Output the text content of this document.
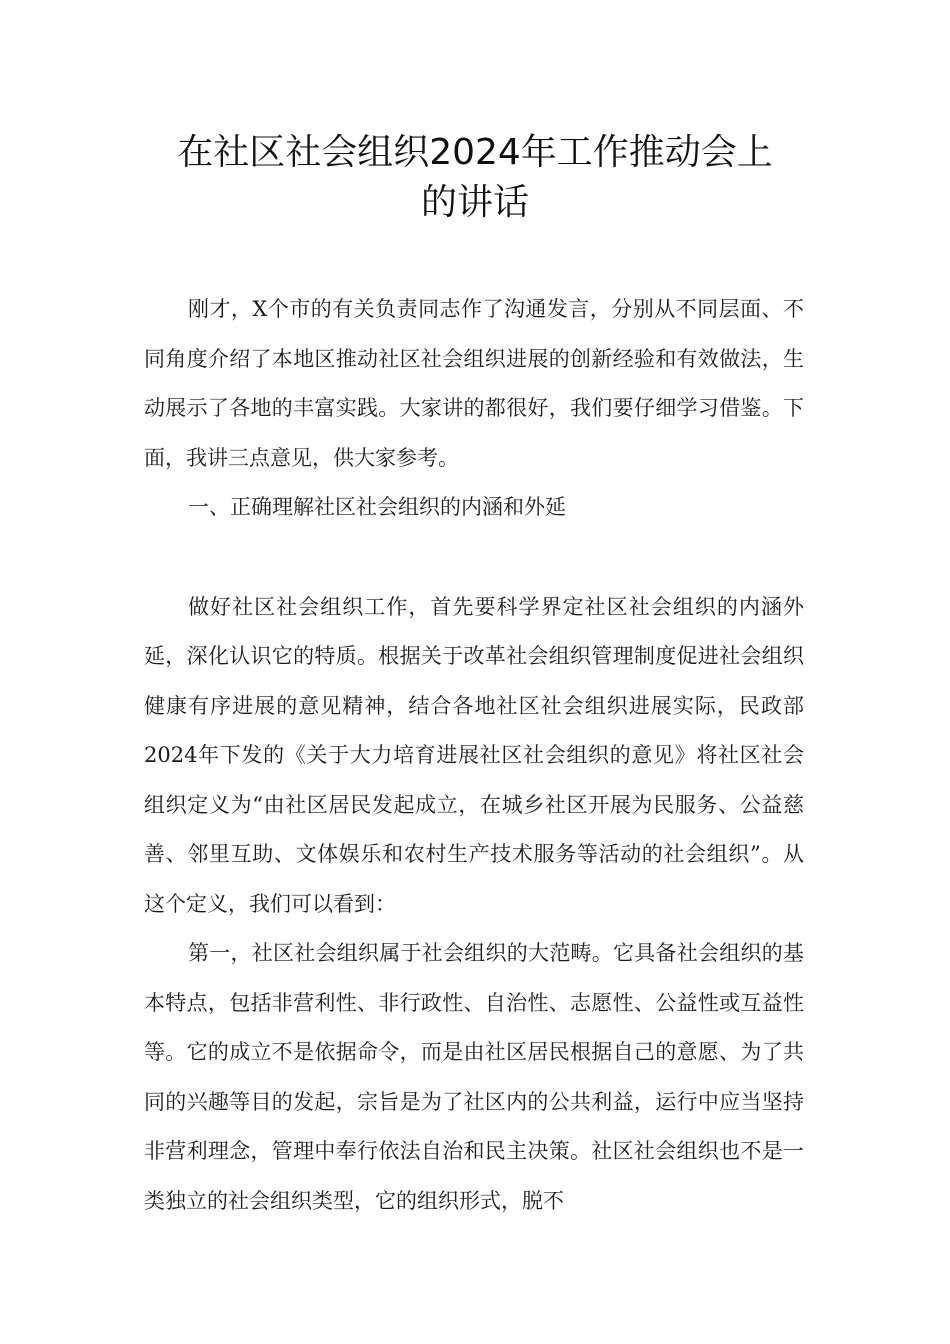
在社区社会组织2024年工作推动会上
的讲话

刚才，X个市的有关负责同志作了沟通发言，分别从不同层面、不同角度介绍了本地区推动社区社会组织进展的创新经验和有效做法，生动展示了各地的丰富实践。大家讲的都很好，我们要仔细学习借鉴。下面，我讲三点意见，供大家参考。

一、正确理解社区社会组织的内涵和外延

做好社区社会组织工作，首先要科学界定社区社会组织的内涵外延，深化认识它的特质。根据关于改革社会组织管理制度促进社会组织健康有序进展的意见精神，结合各地社区社会组织进展实际，民政部2024年下发的《关于大力培育进展社区社会组织的意见》将社区社会组织定义为“由社区居民发起成立，在城乡社区开展为民服务、公益慈善、邻里互助、文体娱乐和农村生产技术服务等活动的社会组织”。从这个定义，我们可以看到：

第一，社区社会组织属于社会组织的大范畴。它具备社会组织的基本特点，包括非营利性、非行政性、自治性、志愿性、公益性或互益性等。它的成立不是依据命令，而是由社区居民根据自己的意愿、为了共同的兴趣等目的发起，宗旨是为了社区内的公共利益，运行中应当坚持非营利理念，管理中奉行依法自治和民主决策。社区社会组织也不是一类独立的社会组织类型，它的组织形式，脱不
